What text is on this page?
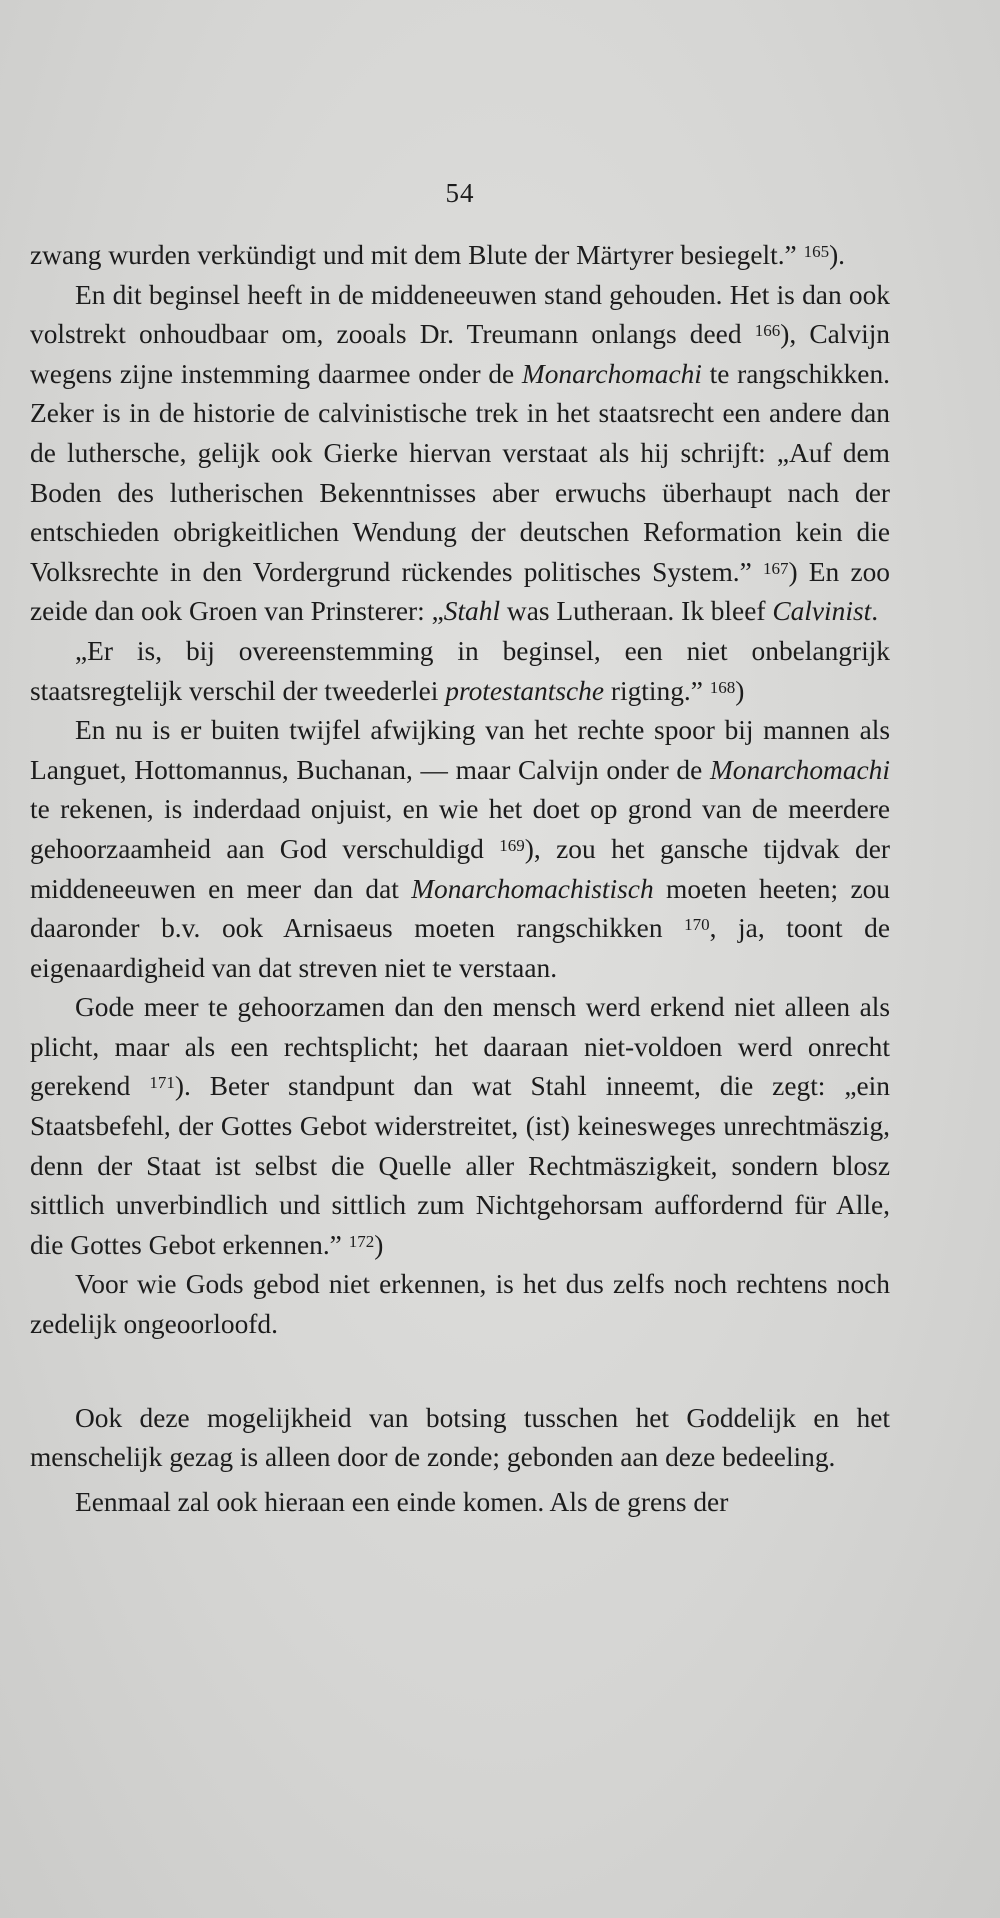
54

zwang wurden verkündigt und mit dem Blute der Märtyrer besiegelt.” $^{165}$).

En dit beginsel heeft in de middeneeuwen stand gehouden. Het is dan ook volstrekt onhoudbaar om, zooals Dr. Treumann onlangs deed $^{166}$), Calvijn wegens zijne instemming daarmee onder de Monarchomachi te rangschikken. Zeker is in de historie de calvinistische trek in het staatsrecht een andere dan de luthersche, gelijk ook Gierke hiervan verstaat als hij schrijft: „Auf dem Boden des lutherischen Bekenntnisses aber erwuchs überhaupt nach der entschieden obrigkeitlichen Wendung der deutschen Reformation kein die Volksrechte in den Vordergrund rückendes politisches System.” $^{167}$) En zoo zeide dan ook Groen van Prinsterer: „Stahl was Lutheraan. Ik bleef Calvinist.

„Er is, bij overeenstemming in beginsel, een niet onbelangrijk staatsregtelijk verschil der tweederlei protestantsche rigting.” $^{168}$)

En nu is er buiten twijfel afwijking van het rechte spoor bij mannen als Languet, Hottomannus, Buchanan, — maar Calvijn onder de Monarchomachi te rekenen, is inderdaad onjuist, en wie het doet op grond van de meerdere gehoorzaamheid aan God verschuldigd $^{169}$), zou het gansche tijdvak der middeneeuwen en meer dan dat Monarchomachistisch moeten heeten; zou daaronder b.v. ook Arnisaeus moeten rangschikken $^{170}$, ja, toont de eigenaardigheid van dat streven niet te verstaan.

Gode meer te gehoorzamen dan den mensch werd erkend niet alleen als plicht, maar als een rechtsplicht; het daaraan niet-voldoen werd onrecht gerekend $^{171}$). Beter standpunt dan wat Stahl inneemt, die zegt: „ein Staatsbefehl, der Gottes Gebot widerstreitet, (ist) keinesweges unrechtmäszig, denn der Staat ist selbst die Quelle aller Rechtmäszigkeit, sondern blosz sittlich unverbindlich und sittlich zum Nichtgehorsam auffordernd für Alle, die Gottes Gebot erkennen.” $^{172}$)

Voor wie Gods gebod niet erkennen, is het dus zelfs noch rechtens noch zedelijk ongeoorloofd.

Ook deze mogelijkheid van botsing tusschen het Goddelijk en het menschelijk gezag is alleen door de zonde; gebonden aan deze bedeeling.

Eenmaal zal ook hieraan een einde komen. Als de grens der
